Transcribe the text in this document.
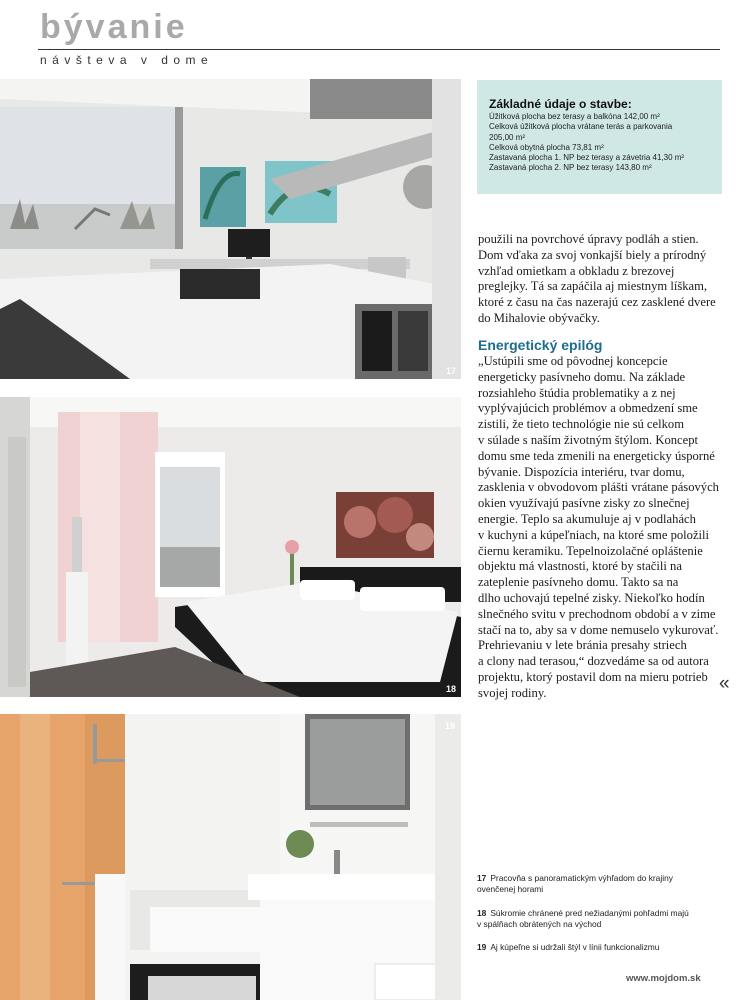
bývanie
návšteva v dome
17
18
19
Základné údaje o stavbe:
Úžitková plocha bez terasy a balkóna 142,00 m²
Celková úžitková plocha vrátane terás a parkovania
205,00 m²
Celková obytná plocha 73,81 m²
Zastavaná plocha 1. NP bez terasy a závetria 41,30 m²
Zastavaná plocha 2. NP bez terasy 143,80 m²
použili na povrchové úpravy podláh a stien.
Dom vďaka za svoj vonkajší biely a prírodný
vzhľad omietkam a obkladu z brezovej
preglejky. Tá sa zapáčila aj miestnym líškam,
ktoré z času na čas nazerajú cez zasklené dvere
do Mihalovie obývačky.
Energetický epilóg
„Ustúpili sme od pôvodnej koncepcie
energeticky pasívneho domu. Na základe
rozsiahleho štúdia problematiky a z nej
vyplývajúcich problémov a obmedzení sme
zistili, že tieto technológie nie sú celkom
v súlade s naším životným štýlom. Koncept
domu sme teda zmenili na energeticky úsporné
bývanie. Dispozícia interiéru, tvar domu,
zasklenia v obvodovom plášti vrátane pásových
okien využívajú pasívne zisky zo slnečnej
energie. Teplo sa akumuluje aj v podlahách
v kuchyni a kúpeľniach, na ktoré sme položili
čiernu keramiku. Tepelnoizolačné opláštenie
objektu má vlastnosti, ktoré by stačili na
zateplenie pasívneho domu. Takto sa na
dlho uchovajú tepelné zisky. Niekoľko hodín
slnečného svitu v prechodnom období a v zime
stačí na to, aby sa v dome nemuselo vykurovať.
Prehrievaniu v lete bránia presahy striech
a clony nad terasou,“ dozvedáme sa od autora
projektu, ktorý postavil dom na mieru potrieb
svojej rodiny.	«
17 Pracovňa s panoramatickým výhľadom do krajiny
ovenčenej horami
18 Súkromie chránené pred nežiadanými pohľadmi majú
v spálňach obrátených na východ
19 Aj kúpeľne si udržali štýl v línii funkcionalizmu
www.mojdom.sk
